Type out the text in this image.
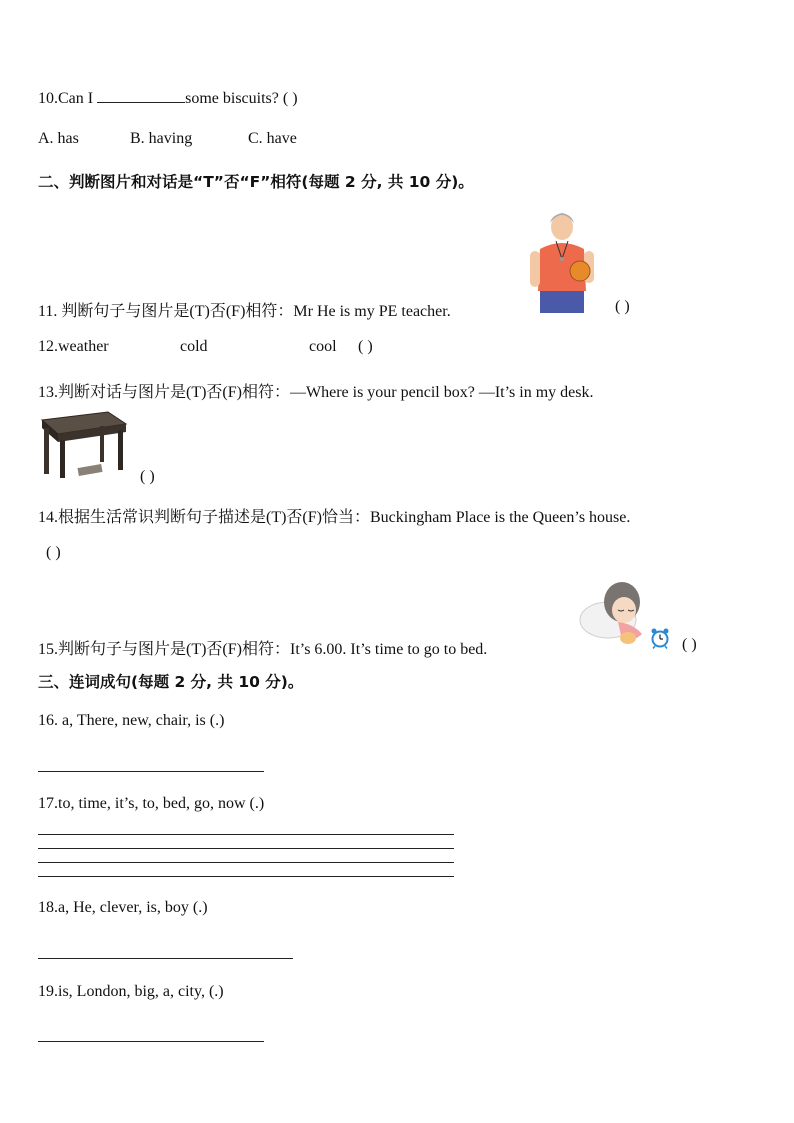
10.Can I	some biscuits? ( )
A. has	B. having	C. have
二、判断图片和对话是“T”否“F”相符(每题 2 分, 共 10 分)。
11. 判断句子与图片是(T)否(F)相符：Mr He is my PE teacher.	( )
12.weather	cold	cool ( )
13.判断对话与图片是(T)否(F)相符：—Where is your pencil box? —It’s in my desk.
( )
14.根据生活常识判断句子描述是(T)否(F)恰当：Buckingham Place is the Queen’s house.
( )
15.判断句子与图片是(T)否(F)相符：It’s 6.00. It’s time to go to bed.	( )
三、连词成句(每题 2 分, 共 10 分)。
16. a, There, new, chair, is (.)
17.to, time, it’s, to, bed, go, now (.)
18.a, He, clever, is, boy (.)
19.is, London, big, a, city, (.)
